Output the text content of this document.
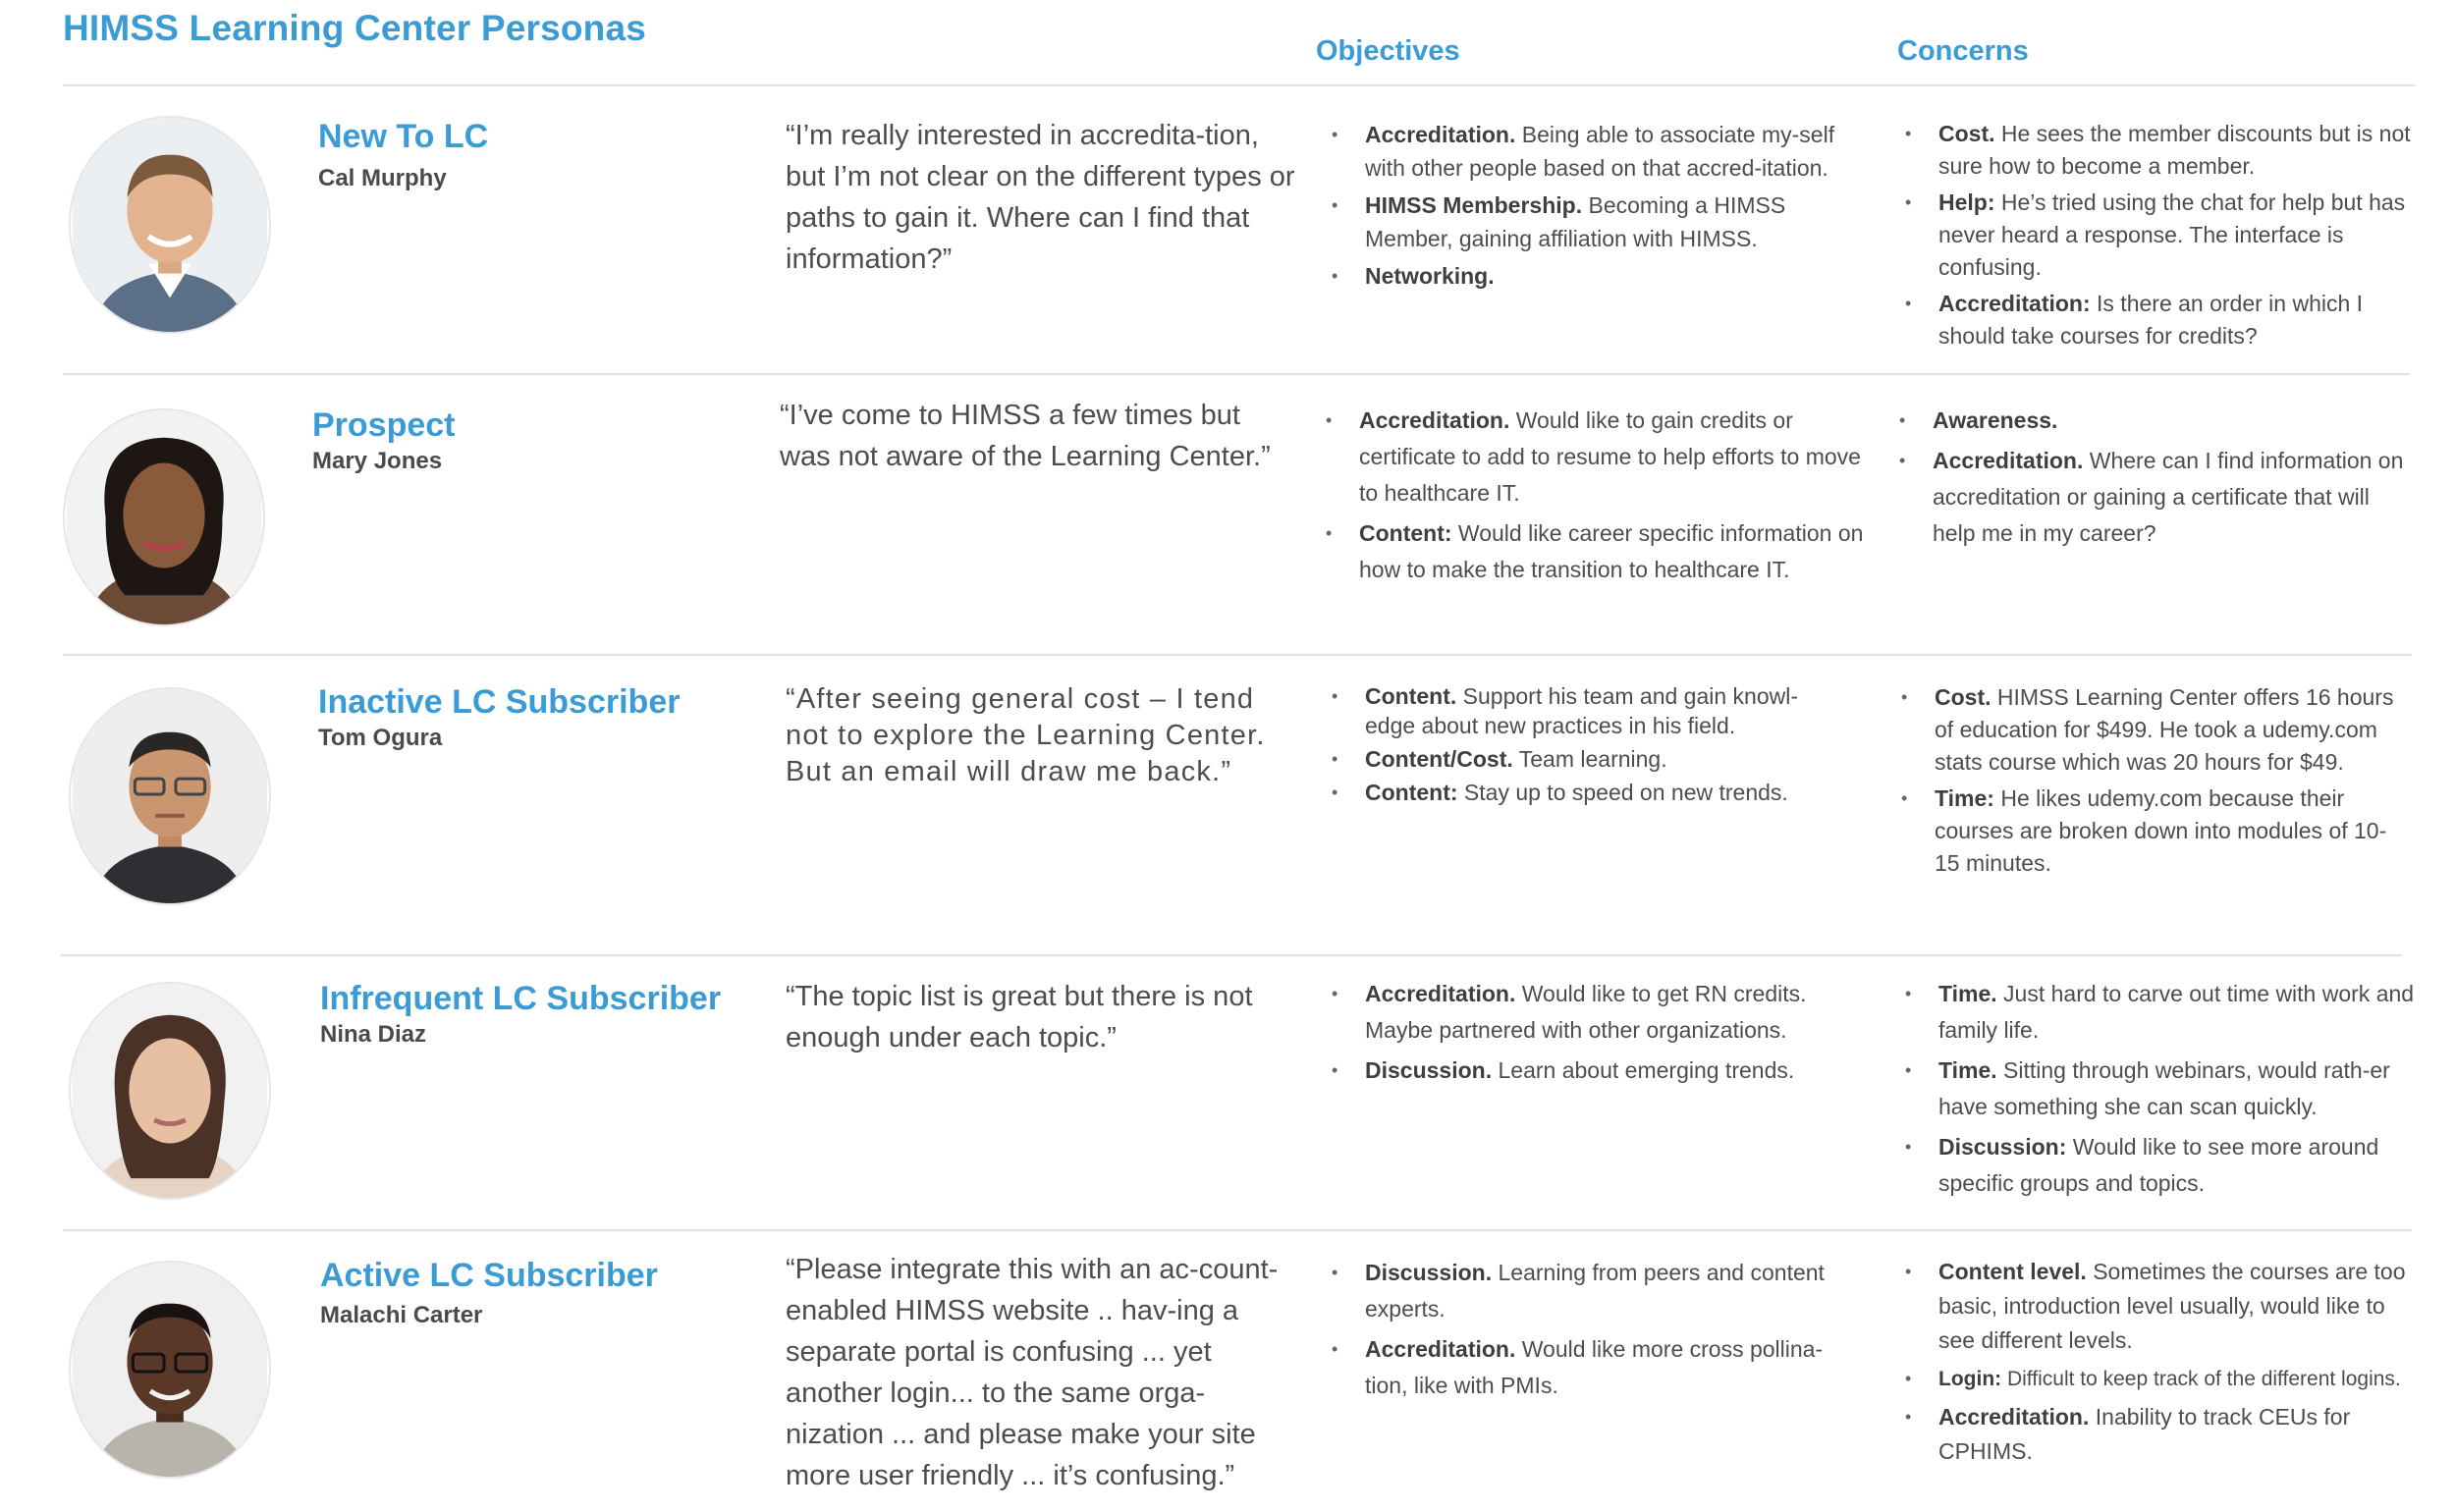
HIMSS Learning Center Personas
Objectives	Concerns
New To LC
Cal Murphy
“I’m really interested in accredita-tion, but I’m not clear on the different types or paths to gain it. Where can I find that information?”
• Accreditation. Being able to associate my-self with other people based on that accred-itation.
• HIMSS Membership. Becoming a HIMSS Member, gaining affiliation with HIMSS.
• Networking.
• Cost. He sees the member discounts but is not sure how to become a member.
• Help: He’s tried using the chat for help but has never heard a response. The interface is confusing.
• Accreditation: Is there an order in which I should take courses for credits?
Prospect
Mary Jones
“I’ve come to HIMSS a few times but was not aware of the Learning Center.”
• Accreditation. Would like to gain credits or certificate to add to resume to help efforts to move to healthcare IT.
• Content: Would like career specific information on how to make the transition to healthcare IT.
• Awareness.
• Accreditation. Where can I find information on accreditation or gaining a certificate that will help me in my career?
Inactive LC Subscriber
Tom Ogura
“After seeing general cost – I tend not to explore the Learning Center. But an email will draw me back.”
• Content. Support his team and gain knowl-edge about new practices in his field.
• Content/Cost. Team learning.
• Content: Stay up to speed on new trends.
• Cost. HIMSS Learning Center offers 16 hours of education for $499. He took a udemy.com stats course which was 20 hours for $49.
• Time: He likes udemy.com because their courses are broken down into modules of 10-15 minutes.
Infrequent LC Subscriber
Nina Diaz
“The topic list is great but there is not enough under each topic.”
• Accreditation. Would like to get RN credits. Maybe partnered with other organizations.
• Discussion. Learn about emerging trends.
• Time. Just hard to carve out time with work and family life.
• Time. Sitting through webinars, would rath-er have something she can scan quickly.
• Discussion: Would like to see more around specific groups and topics.
Active LC Subscriber
Malachi Carter
“Please integrate this with an ac-count-enabled HIMSS website .. hav-ing a separate portal is confusing ... yet another login... to the same orga-nization ... and please make your site more user friendly ... it’s confusing.”
• Discussion. Learning from peers and content experts.
• Accreditation. Would like more cross pollina-tion, like with PMIs.
• Content level. Sometimes the courses are too basic, introduction level usually, would like to see different levels.
• Login: Difficult to keep track of the different logins.
• Accreditation. Inability to track CEUs for CPHIMS.
